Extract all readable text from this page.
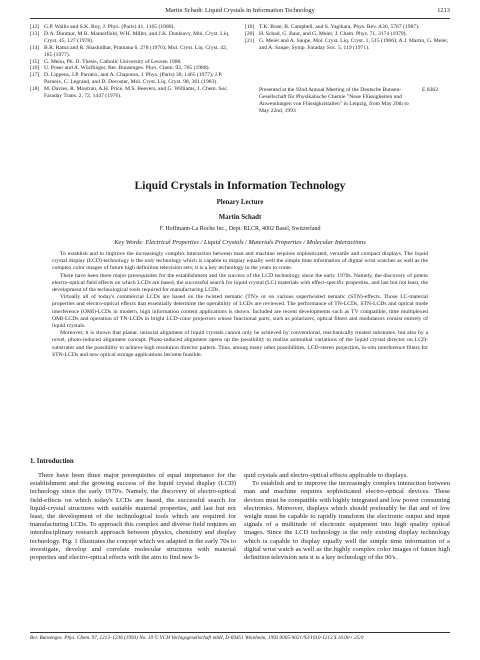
Martin Schadt: Liquid Crystals in Information Technology	1213
[12] G.P. Wallis and S.K. Roy, J. Phys. (Paris) 41, 1165 (1980).
[13] D.A. Dunmur, M.R. Manterfield, W.H. Miller, and J.K. Dunleavy, Mol. Cryst. Liq. Cryst. 45, 127 (1978).
[14] B.R. Ratna and R. Shashidhar, Pramana 6, 278 (1976); Mol. Cryst. Liq. Cryst. 42, 185 (1977).
[15] G. Menu, Ph. D. Thesis, Catholic University of Leuven 1988.
[16] U. Poser and A. Würflinger, Ber. Bunsenges. Phys. Chem. 92, 765 (1988).
[17] D. Lippens, J.P. Parneix, and A. Chapoton, J. Phys. (Paris) 38, 1465 (1977); J.P. Parneix, C. Legrand, and D. Decoster, Mol. Cryst. Liq. Cryst. 98, 361 (1983).
[18] M. Davies, R. Moutran, A.H. Price, M.S. Beevers, and G. Williams, J. Chem. Soc. Faraday Trans. 2, 72, 1447 (1976).
[19] T.K. Bose, B. Campbell, and S. Yagihara, Phys. Rev. A36, 5767 (1987).
[20] H. Schad, G. Baur, and G. Meier, J. Chem. Phys. 71, 3174 (1979).
[21] G. Meier and A. Saupe, Mol. Cryst. Liq. Cryst. 1, 515 (1966); A.J. Martin, G. Meier, and A. Saupe, Symp. Faraday Soc. 5, 119 (1971).
Presented at the 92nd Annual Meeting of the Deutsche Bunsen-Gesellschaft für Physikalische Chemie "Neue Flüssigkeiten und Anwendungen von Flüssigkristallen" in Leipzig, from May 20th to May 22nd, 1993
E 8362
Liquid Crystals in Information Technology
Plenary Lecture
Martin Schadt
F. Hoffmann-La Roche Inc., Dept. RLCR, 4002 Basel, Switzerland
Key Words: Electrical Properties / Liquid Crystals / Materials Properties / Molecular Interactions

To establish and to improve the increasingly complex interaction between man and machine requires sophisticated, versatile and compact displays. The liquid crystal display (LCD)-technology is the only technology which is capable to display equally well the simple time information of digital wrist watches as well as the complex color images of future high definition television sets; it is a key technology in the years to come.

There have been three major prerequisites for the establishment and the success of the LCD technology since the early 1970s. Namely, the discovery of potent electro-optical field effects on which LCDs are based, the successful search for liquid crystal (LC) materials with effect-specific properties, and last but not least, the development of the technological tools required for manufacturing LCDs.

Virtually all of today's commercial LCDs are based on the twisted nematic (TN)- or on various supertwisted nematic (STN)-effects. Those LC-material properties and electro-optical effects that essentially determine the operability of LCDs are reviewed. The performance of TN-LCDs, STN-LCDs and optical mode interference (OMI)-LCDs in modern, high information content applications is shown. Included are recent developments such as TV compatible, time multiplexed OMI-LCDs and operation of TN-LCDs in bright LCD-color projectors whose functional parts, such as polarizers, optical filters and modulators consist entirely of liquid crystals.

Moreover, it is shown that planar, uniaxial alignment of liquid crystals cannot only be achieved by conventional, mechanically treated substrates, but also by a novel, photo-induced alignment concept. Photo-induced alignment opens up the possibility to realize azimuthal variations of the liquid crystal director on LCD-substrates and the possibility to achieve high resolution director pattern. Thus, among many other possibilities, LCD-stereo projection, in-situ interference filters for STN-LCDs and new optical storage applications become feasible.

1. Introduction

There have been three major prerequisites of equal importance for the establishment and the growing success of the liquid crystal display (LCD) technology since the early 1970's. Namely, the discovery of electro-optical field-effects on which today's LCDs are based, the successful search for liquid-crystal structures with suitable material properties, and last but not least, the development of the technological tools which are required for manufacturing LCDs. To approach this complex and diverse field requires an interdisciplinary research approach between physics, chemistry and display technology. Fig. 1 illustrates the concept which we adapted in the early 70s to investigate, develop and correlate molecular structures with material properties and electro-optical effects with the aim to find new li-

quid crystals and electro-optical effects applicable to displays.

To establish and to improve the increasingly complex interaction between man and machine requires sophisticated electro-optical devices. These devices must be compatible with highly integrated and low power consuming electronics. Moreover, displays which should preferably be flat and of low weight must be capable to rapidly transform the electronic output and input signals of a multitude of electronic equipment into high quality optical images. Since the LCD technology is the only existing display technology which is capable to display equally well the simple time information of a digital wrist watch as well as the highly complex color images of future high definition television sets it is a key technology of the 90's.

Ber. Bunsenges. Phys. Chem. 97, 1213–1236 (1993) No. 10 © VCH Verlagsgesellschaft mbH, D-69451 Weinheim, 1993 0005-9021/93/1010-1213 $ 10.00+.25/0
